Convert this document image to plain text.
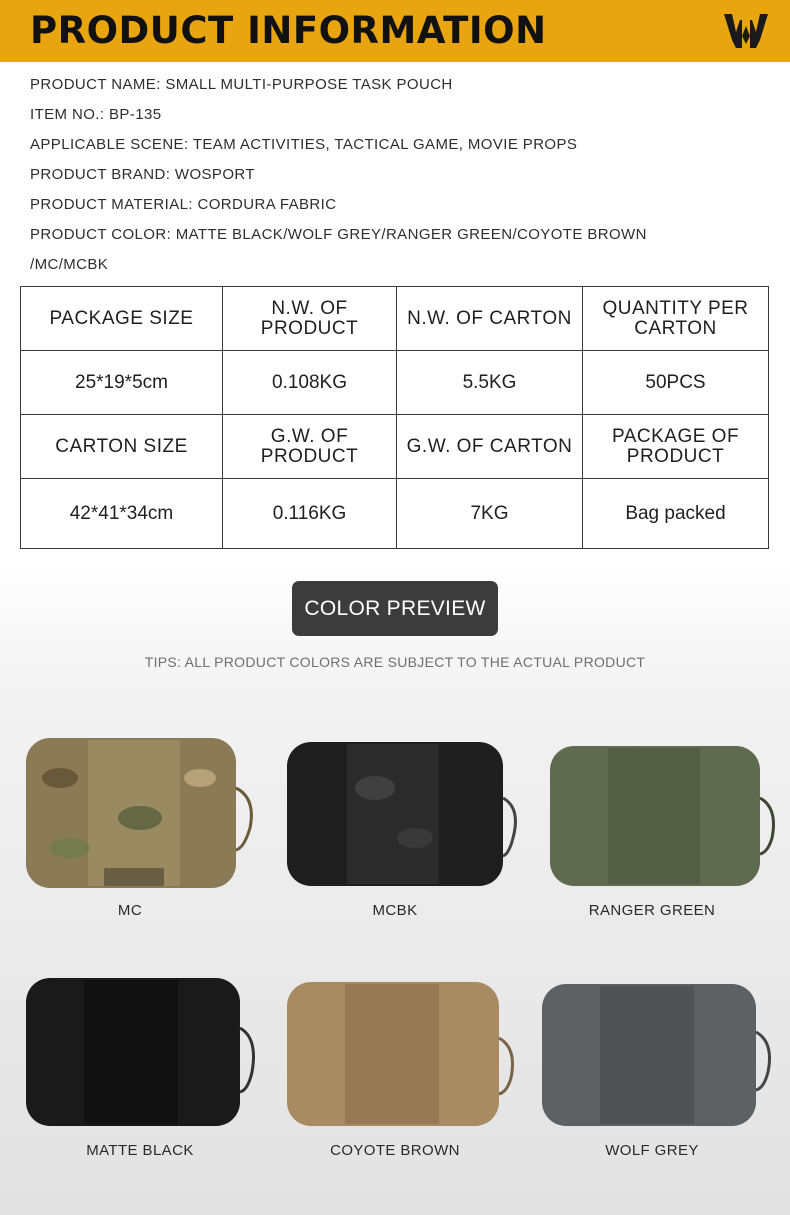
PRODUCT INFORMATION
PRODUCT NAME: SMALL MULTI-PURPOSE TASK POUCH
ITEM NO.: BP-135
APPLICABLE SCENE: TEAM ACTIVITIES, TACTICAL GAME, MOVIE PROPS
PRODUCT BRAND: WOSPORT
PRODUCT MATERIAL: CORDURA FABRIC
PRODUCT COLOR: MATTE BLACK/WOLF GREY/RANGER GREEN/COYOTE BROWN
/MC/MCBK
PACKAGE SIZE	N.W. OF PRODUCT	N.W. OF CARTON	QUANTITY PER CARTON
25*19*5cm	0.108KG	5.5KG	50PCS
CARTON SIZE	G.W. OF PRODUCT	G.W. OF CARTON	PACKAGE OF PRODUCT
42*41*34cm	0.116KG	7KG	Bag packed
COLOR PREVIEW
TIPS: ALL PRODUCT COLORS ARE SUBJECT TO THE ACTUAL PRODUCT
MC	MCBK	RANGER GREEN
MATTE BLACK	COYOTE BROWN	WOLF GREY
